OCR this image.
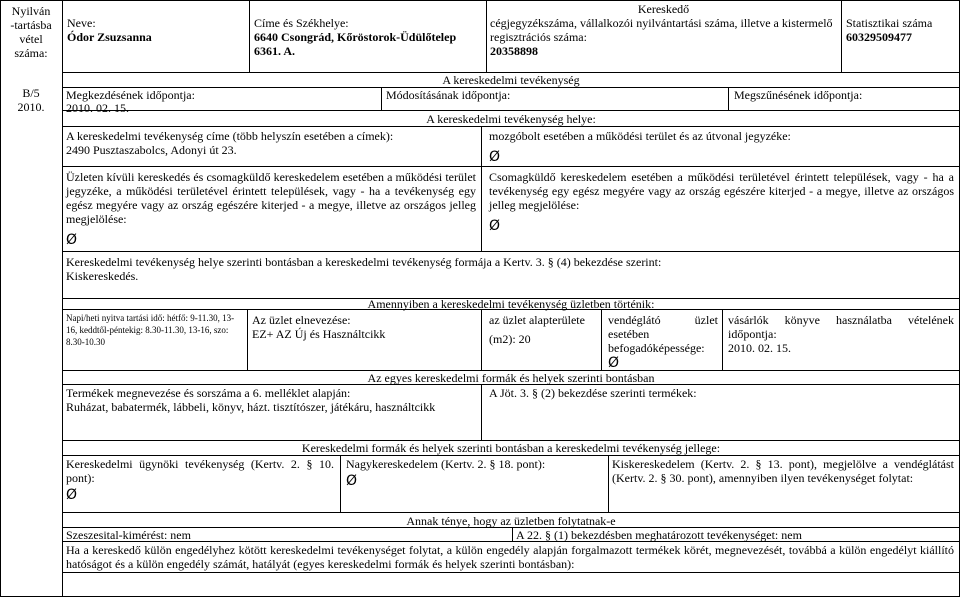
Nyilván
-tartásba
vétel
száma:
B/5
2010.
Neve:
Ódor Zsuzsanna
Címe és Székhelye:
6640 Csongrád, Kőröstorok-Üdülőtelep 6361. A.
Kereskedő
cégjegyzékszáma, vállalkozói nyilvántartási száma, illetve a kistermelő regisztrációs száma:
20358898
Statisztikai száma
60329509477
A kereskedelmi tevékenység
Megkezdésének időpontja:
2010. 02. 15.
Módosításának időpontja:	Megszűnésének időpontja:
A kereskedelmi tevékenység helye:
A kereskedelmi tevékenység címe (több helyszín esetében a címek):
2490 Pusztaszabolcs, Adonyi út 23.
mozgóbolt esetében a működési terület és az útvonal jegyzéke:
Ø
Üzleten kívüli kereskedés és csomagküldő kereskedelem esetében a működési terület jegyzéke, a működési területével érintett települések, vagy - ha a tevékenység egy egész megyére vagy az ország egészére kiterjed - a megye, illetve az országos jelleg megjelölése:
Ø
Csomagküldő kereskedelem esetében a működési területével érintett települések, vagy - ha a tevékenység egy egész megyére vagy az ország egészére kiterjed - a megye, illetve az országos jelleg megjelölése:
Ø
Kereskedelmi tevékenység helye szerinti bontásban a kereskedelmi tevékenység formája a Kertv. 3. § (4) bekezdése szerint:
Kiskereskedés.
Amennyiben a kereskedelmi tevékenység üzletben történik:
Napi/heti nyitva tartási idő: hétfő: 9-11.30, 13-16, keddtől-péntekig: 8.30-11.30, 13-16, szo: 8.30-10.30
Az üzlet elnevezése:
EZ+ AZ Új és Használtcikk
az üzlet alapterülete
(m2): 20
vendéglátó üzlet esetében befogadóképessége:
Ø
vásárlók könyve használatba vételének időpontja:
2010. 02. 15.
Az egyes kereskedelmi formák és helyek szerinti bontásban
Termékek megnevezése és sorszáma a 6. melléklet alapján:
Ruházat, babatermék, lábbeli, könyv, házt. tisztítószer, játékáru, használtcikk
A Jöt. 3. § (2) bekezdése szerinti termékek:
Kereskedelmi formák és helyek szerinti bontásban a kereskedelmi tevékenység jellege:
Kereskedelmi ügynöki tevékenység (Kertv. 2. § 10. pont):
Ø
Nagykereskedelem (Kertv. 2. § 18. pont):
Ø
Kiskereskedelem (Kertv. 2. § 13. pont), megjelölve a vendéglátást (Kertv. 2. § 30. pont), amennyiben ilyen tevékenységet folytat:
Annak ténye, hogy az üzletben folytatnak-e
Szeszesital-kimérést: nem	A 22. § (1) bekezdésben meghatározott tevékenységet: nem
Ha a kereskedő külön engedélyhez kötött kereskedelmi tevékenységet folytat, a külön engedély alapján forgalmazott termékek körét, megnevezését, továbbá a külön engedélyt kiállító hatóságot és a külön engedély számát, hatályát (egyes kereskedelmi formák és helyek szerinti bontásban):
